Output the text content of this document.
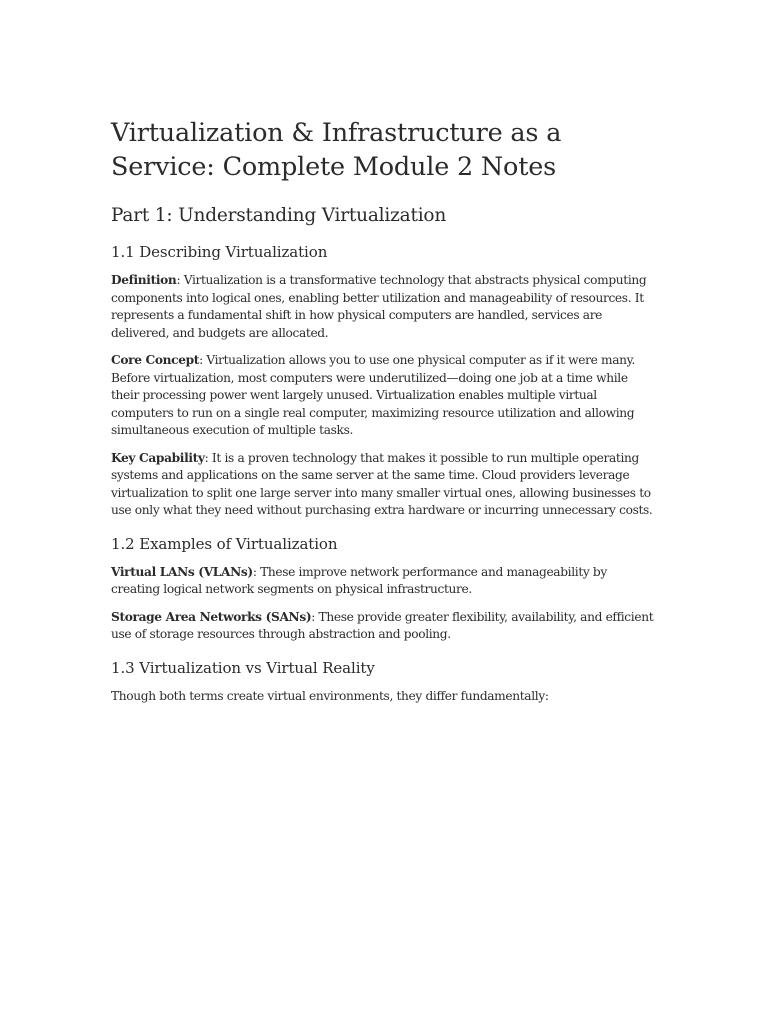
Virtualization & Infrastructure as a Service: Complete Module 2 Notes
Part 1: Understanding Virtualization
1.1 Describing Virtualization

Definition: Virtualization is a transformative technology that abstracts physical computing components into logical ones, enabling better utilization and manageability of resources. It represents a fundamental shift in how physical computers are handled, services are delivered, and budgets are allocated.

Core Concept: Virtualization allows you to use one physical computer as if it were many. Before virtualization, most computers were underutilized—doing one job at a time while their processing power went largely unused. Virtualization enables multiple virtual computers to run on a single real computer, maximizing resource utilization and allowing simultaneous execution of multiple tasks.

Key Capability: It is a proven technology that makes it possible to run multiple operating systems and applications on the same server at the same time. Cloud providers leverage virtualization to split one large server into many smaller virtual ones, allowing businesses to use only what they need without purchasing extra hardware or incurring unnecessary costs.

1.2 Examples of Virtualization

Virtual LANs (VLANs): These improve network performance and manageability by creating logical network segments on physical infrastructure.

Storage Area Networks (SANs): These provide greater flexibility, availability, and efficient use of storage resources through abstraction and pooling.

1.3 Virtualization vs Virtual Reality

Though both terms create virtual environments, they differ fundamentally:
